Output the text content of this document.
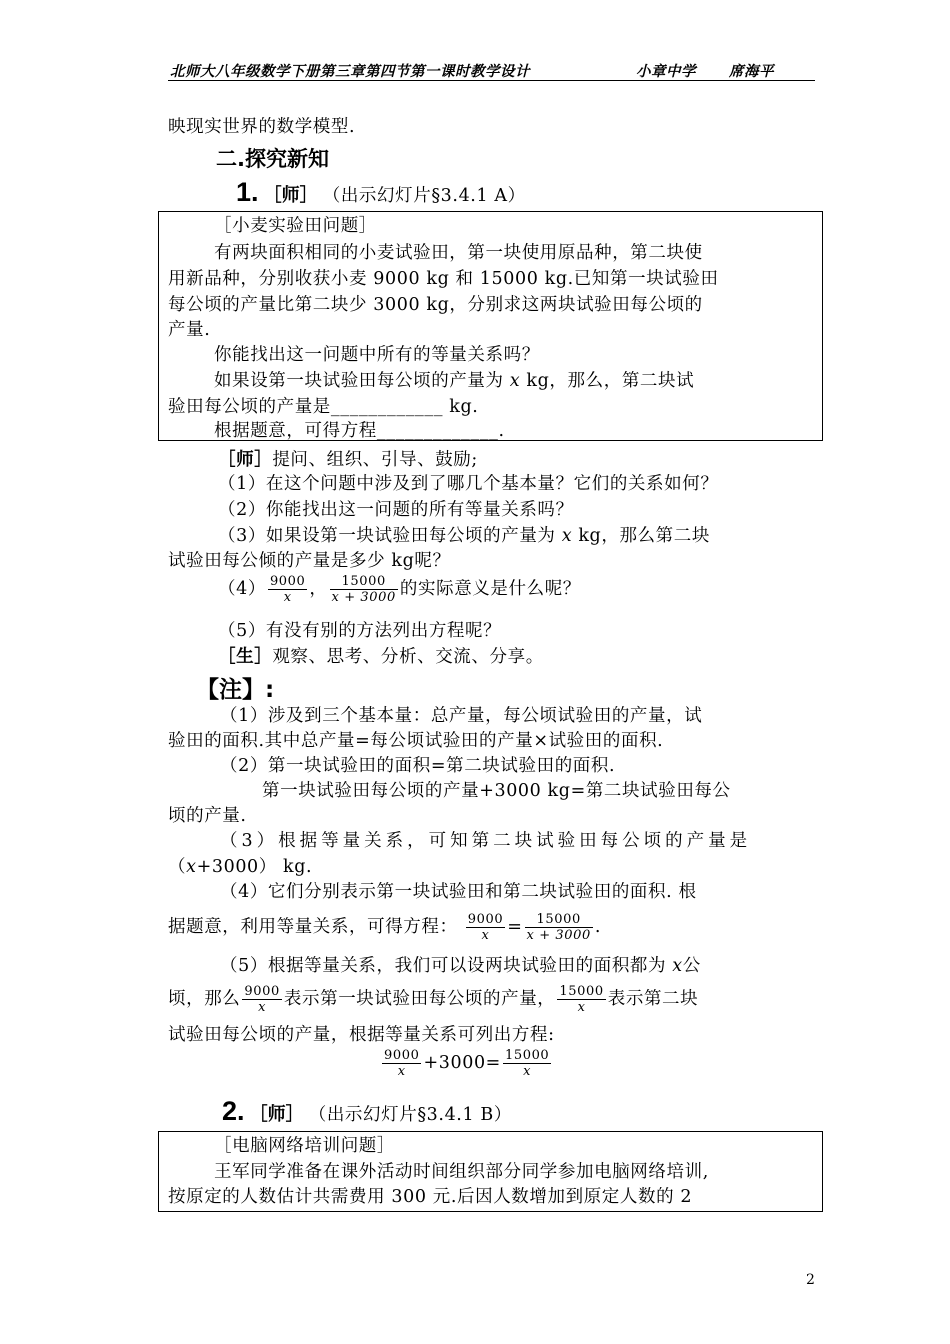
北师大八年级数学下册第三章第四节第一课时教学设计	小章中学 席海平
映现实世界的数学模型.
二.探究新知
1. ［师］ （出示幻灯片§3.4.1 A）
［小麦实验田问题］
有两块面积相同的小麦试验田，第一块使用原品种，第二块使
用新品种，分别收获小麦 9000 kg 和 15000 kg.已知第一块试验田
每公顷的产量比第二块少 3000 kg，分别求这两块试验田每公顷的
产量.
你能找出这一问题中所有的等量关系吗？
如果设第一块试验田每公顷的产量为 x kg，那么，第二块试
验田每公顷的产量是____________ kg.
根据题意，可得方程_____________.
［师］提问、组织、引导、鼓励;
（1）在这个问题中涉及到了哪几个基本量？它们的关系如何？
（2）你能找出这一问题的所有等量关系吗？
（3）如果设第一块试验田每公顷的产量为 x kg，那么第二块
试验田每公倾的产量是多少 kg呢？
$(4) \frac{9000}{x}$ ， $\frac{15000}{x + 3000}$ 的实际意义是什么呢？
（5）有没有别的方法列出方程呢？
［生］观察、思考、分析、交流、分享。
【注】:
（1）涉及到三个基本量：总产量，每公顷试验田的产量，试
验田的面积.其中总产量=每公顷试验田的产量×试验田的面积.
（2）第一块试验田的面积=第二块试验田的面积.
第一块试验田每公顷的产量+3000 kg=第二块试验田每公
顷的产量.
（3）根据等量关系，可知第二块试验田每公顷的产量是
（x+3000） kg.
（4）它们分别表示第一块试验田和第二块试验田的面积. 根
据题意，利用等量关系，可得方程： $\frac{9000}{x} = \frac{15000}{x + 3000}$ .
（5）根据等量关系，我们可以设两块试验田的面积都为 x公
顷，那么 $\frac{9000}{x}$ 表示第一块试验田每公顷的产量， $\frac{15000}{x}$ 表示第二块
试验田每公顷的产量，根据等量关系可列出方程:
$\frac{9000}{x} +3000= \frac{15000}{x}$
2. ［师］ （出示幻灯片§3.4.1 B）
［电脑网络培训问题］
王军同学准备在课外活动时间组织部分同学参加电脑网络培训,
按原定的人数估计共需费用 300 元.后因人数增加到原定人数的 2
2
